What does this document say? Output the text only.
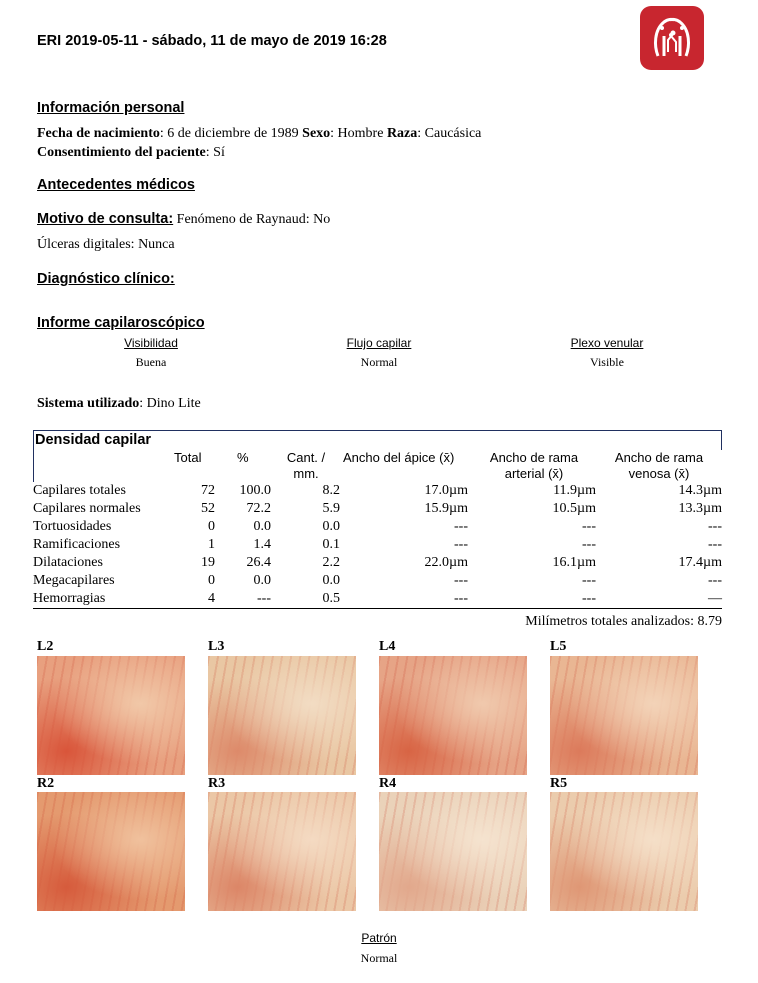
ERI 2019-05-11 - sábado, 11 de mayo de 2019 16:28
Información personal
Fecha de nacimiento: 6 de diciembre de 1989 Sexo: Hombre Raza: Caucásica
Consentimiento del paciente: Sí
Antecedentes médicos
Motivo de consulta: Fenómeno de Raynaud: No
Úlceras digitales: Nunca
Diagnóstico clínico:
Informe capilaroscópico
Visibilidad
Buena
Flujo capilar
Normal
Plexo venular
Visible
Sistema utilizado: Dino Lite
Densidad capilar
Total	%	Cant. /
mm.
Ancho del ápice (x̄)	Ancho de rama
arterial (x̄)
Ancho de rama
venosa (x̄)
Capilares totales	72	100.0	8.2	17.0µm	11.9µm	14.3µm
Capilares normales	52	72.2	5.9	15.9µm	10.5µm	13.3µm
Tortuosidades	0	0.0	0.0	---	---	---
Ramificaciones	1	1.4	0.1	---	---	---
Dilataciones	19	26.4	2.2	22.0µm	16.1µm	17.4µm
Megacapilares	0	0.0	0.0	---	---	---
Hemorragias	4	---	0.5	---	---	—
Milímetros totales analizados: 8.79
L2	L3	L4	L5
R2	R3	R4	R5
Patrón
Normal
